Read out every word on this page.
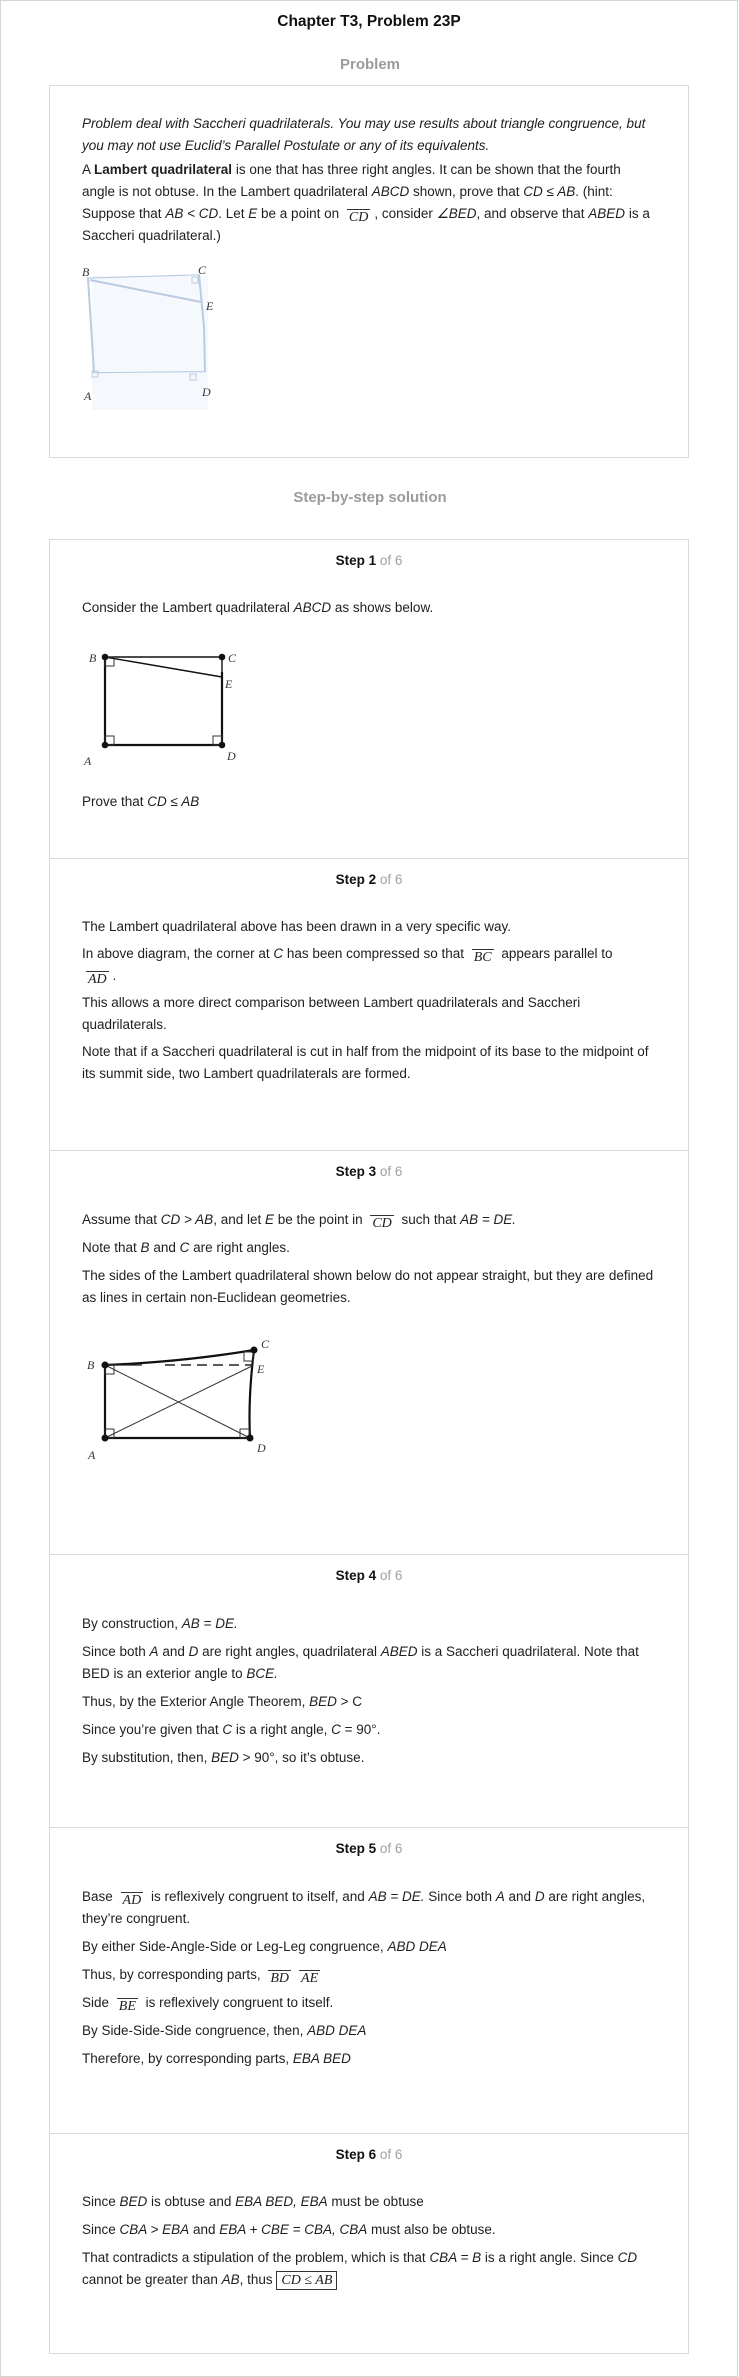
Chapter T3, Problem 23P
Problem

Problem deal with Saccheri quadrilaterals. You may use results about triangle congruence, but you may not use Euclid’s Parallel Postulate or any of its equivalents.

A Lambert quadrilateral is one that has three right angles. It can be shown that the fourth angle is not obtuse. In the Lambert quadrilateral ABCD shown, prove that CD ≤ AB. (hint: Suppose that AB < CD. Let E be a point on CD , consider ∠BED, and observe that ABED is a Saccheri quadrilateral.)

B	C
E
A	D
Step-by-step solution
Step 1 of 6

Consider the Lambert quadrilateral ABCD as shows below.

B	C
E
A	D

Prove that CD ≤ AB

Step 2 of 6

The Lambert quadrilateral above has been drawn in a very specific way.

In above diagram, the corner at C has been compressed so that BC appears parallel to
AD .

This allows a more direct comparison between Lambert quadrilaterals and Saccheri quadrilaterals.

Note that if a Saccheri quadrilateral is cut in half from the midpoint of its base to the midpoint of its summit side, two Lambert quadrilaterals are formed.

Step 3 of 6

Assume that CD > AB, and let E be the point in CD such that AB = DE.

Note that B and C are right angles.

The sides of the Lambert quadrilateral shown below do not appear straight, but they are defined as lines in certain non-Euclidean geometries.

B
C
E
A	D
Step 4 of 6

By construction, AB = DE.

Since both A and D are right angles, quadrilateral ABED is a Saccheri quadrilateral. Note that BED is an exterior angle to BCE.

Thus, by the Exterior Angle Theorem, BED > C

Since you’re given that C is a right angle, C = 90°.

By substitution, then, BED > 90°, so it’s obtuse.

Step 5 of 6

Base AD is reflexively congruent to itself, and AB = DE. Since both A and D are right angles, they’re congruent.

By either Side-Angle-Side or Leg-Leg congruence, ABD DEA

Thus, by corresponding parts, BD AE

Side BE is reflexively congruent to itself.

By Side-Side-Side congruence, then, ABD DEA

Therefore, by corresponding parts, EBA BED

Step 6 of 6

Since BED is obtuse and EBA BED, EBA must be obtuse

Since CBA > EBA and EBA + CBE = CBA, CBA must also be obtuse.

That contradicts a stipulation of the problem, which is that CBA = B is a right angle. Since CD cannot be greater than AB, thus CD ≤ AB
